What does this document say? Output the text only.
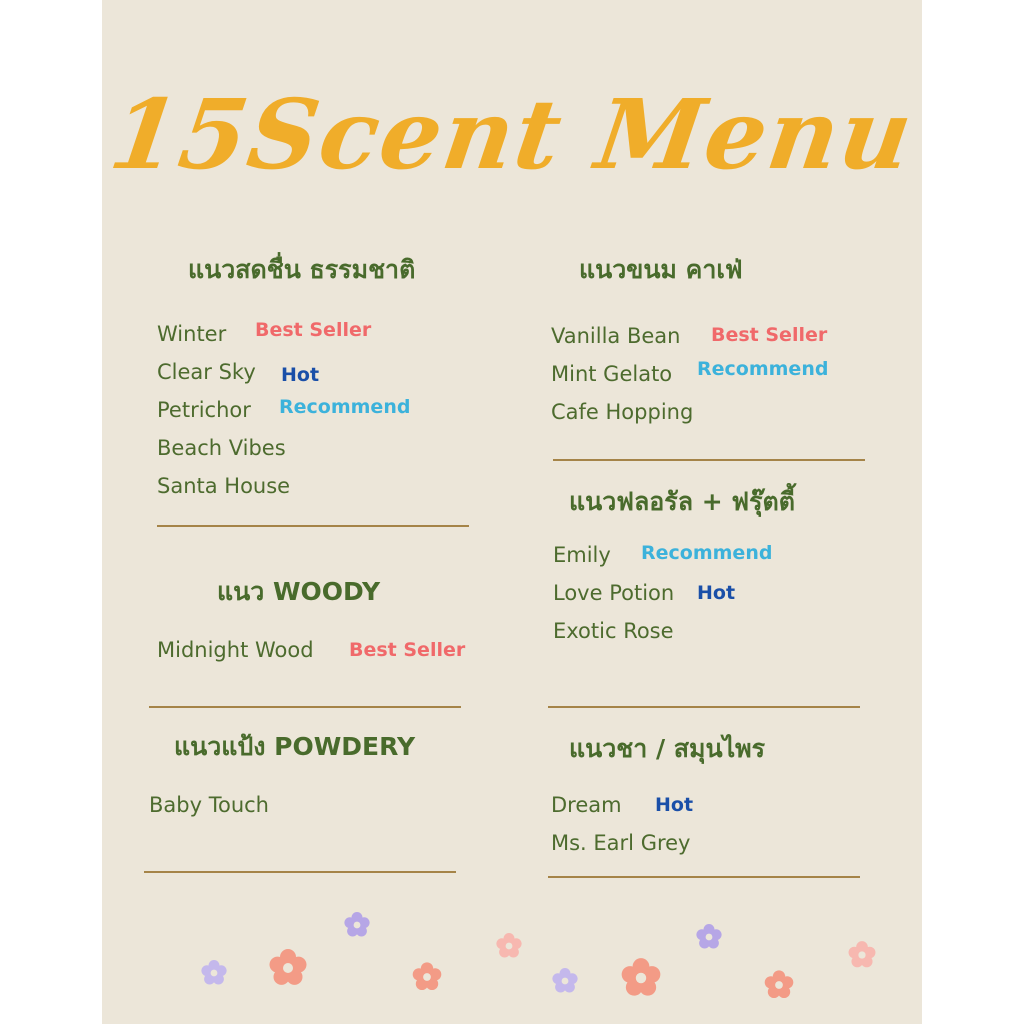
15Scent Menu
แนวสดชื่น ธรรมชาติ
Winter Best Seller
Clear Sky Hot
Petrichor Recommend
Beach Vibes
Santa House
แนว WOODY
Midnight Wood Best Seller
แนวแป้ง POWDERY
Baby Touch
แนวขนม คาเฟ่
Vanilla Bean Best Seller
Mint Gelato Recommend
Cafe Hopping
แนวฟลอรัล + ฟรุ๊ตตี้
Emily Recommend
Love Potion Hot
Exotic Rose
แนวชา / สมุนไพร
Dream Hot
Ms. Earl Grey
